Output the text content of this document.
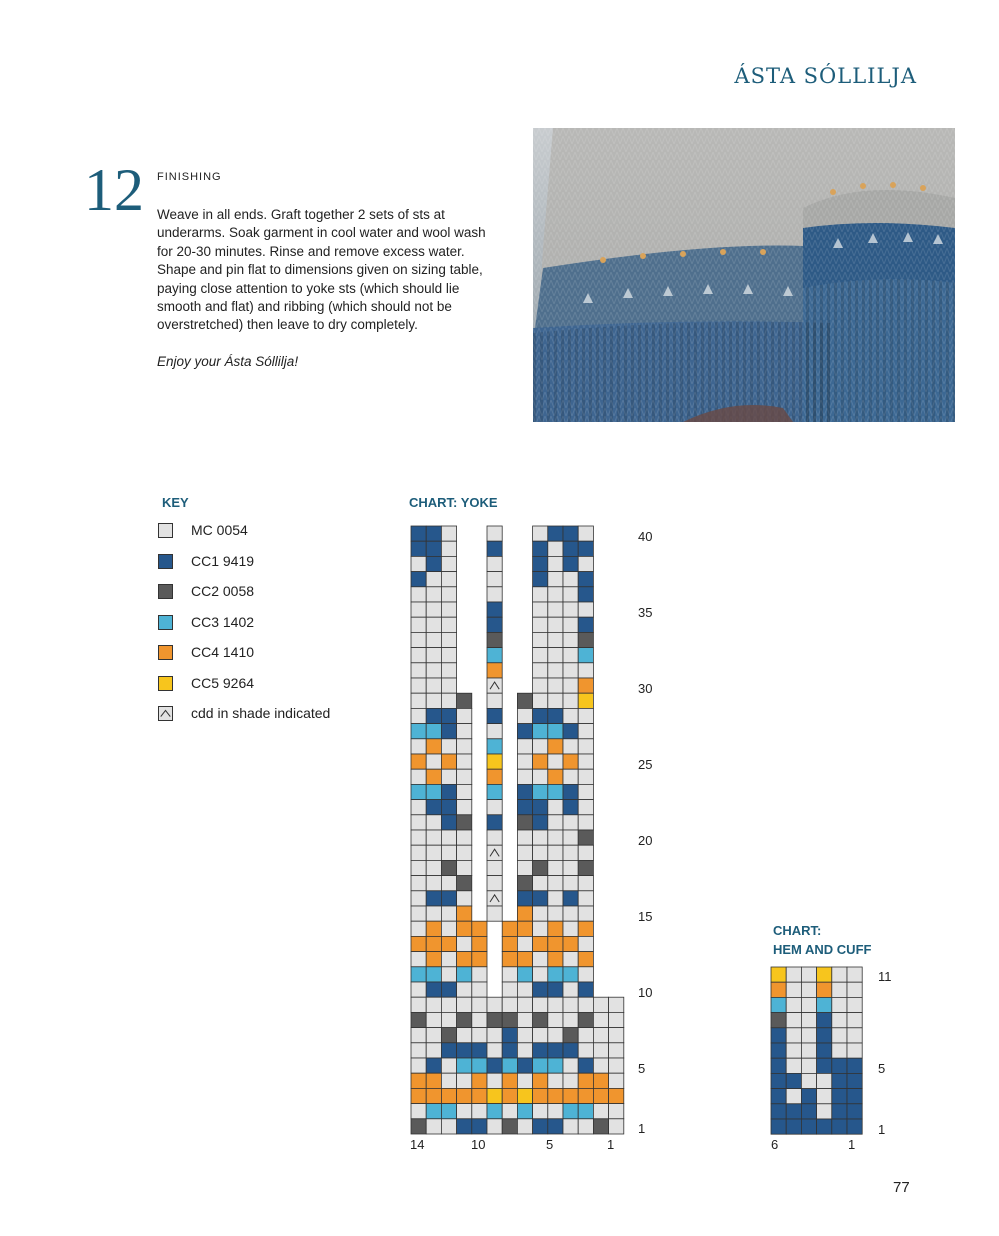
ÁSTA SÓLLILJA
12 FINISHING

Weave in all ends. Graft together 2 sets of sts at underarms. Soak garment in cool water and wool wash for 20-30 minutes. Rinse and remove excess water. Shape and pin flat to dimensions given on sizing table, paying close attention to yoke sts (which should lie smooth and flat) and ribbing (which should not be overstretched) then leave to dry completely.

Enjoy your Ásta Sóllilja!

KEY
MC 0054
CC1 9419
CC2 0058
CC3 1402
CC4 1410
CC5 9264
cdd in shade indicated
CHART: YOKE
CHART:
HEM AND CUFF
1
5
10
15
20
25
30
35
40
14	10	5	1
1
5
11
6	1
77
